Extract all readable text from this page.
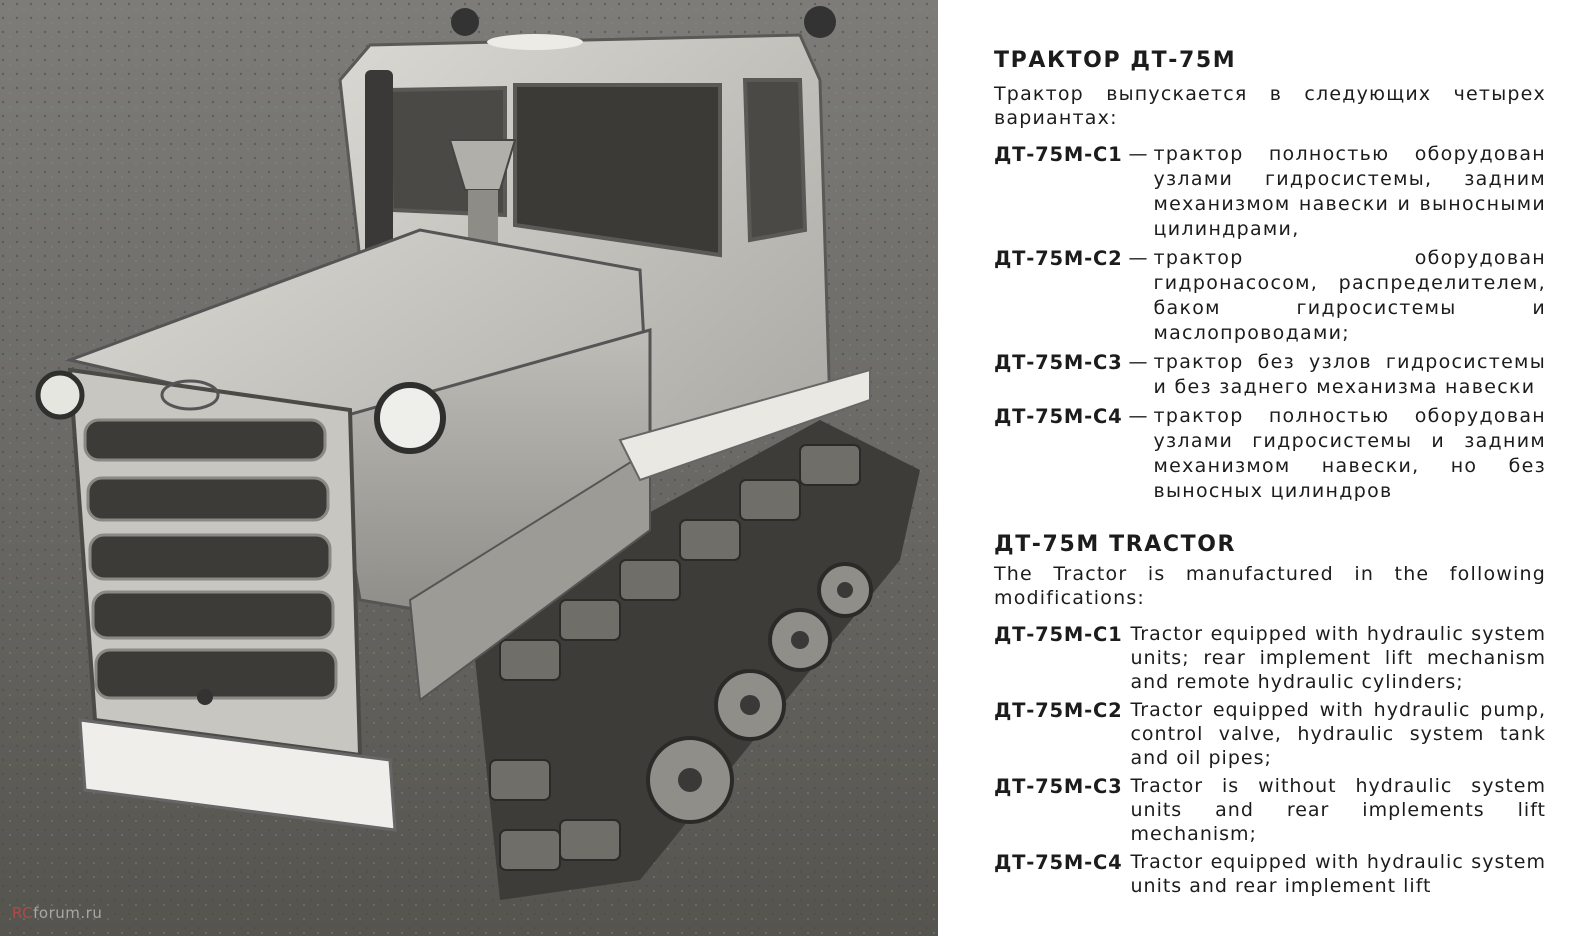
RCforum.ru
ТРАКТОР ДТ-75М
Трактор выпускается в следующих четырех вариантах:
ДТ-75М-С1 — трактор полностью оборудован узлами гидросистемы, задним механизмом навески и выносными цилиндрами,
ДТ-75М-С2 — трактор оборудован гидронасосом, распределителем, баком гидросистемы и маслопроводами;
ДТ-75М-С3 — трактор без узлов гидросистемы и без заднего механизма навески
ДТ-75М-С4 — трактор полностью оборудован узлами гидросистемы и задним механизмом навески, но без выносных цилиндров
ДТ-75М TRACTOR
The Tractor is manufactured in the following modifications:
ДТ-75М-С1 Tractor equipped with hydraulic system units; rear implement lift mechanism and remote hydraulic cylinders;
ДТ-75М-С2 Tractor equipped with hydraulic pump, control valve, hydraulic system tank and oil pipes;
ДТ-75М-С3 Tractor is without hydraulic system units and rear implements lift mechanism;
ДТ-75М-С4 Tractor equipped with hydraulic system units and rear implement lift
